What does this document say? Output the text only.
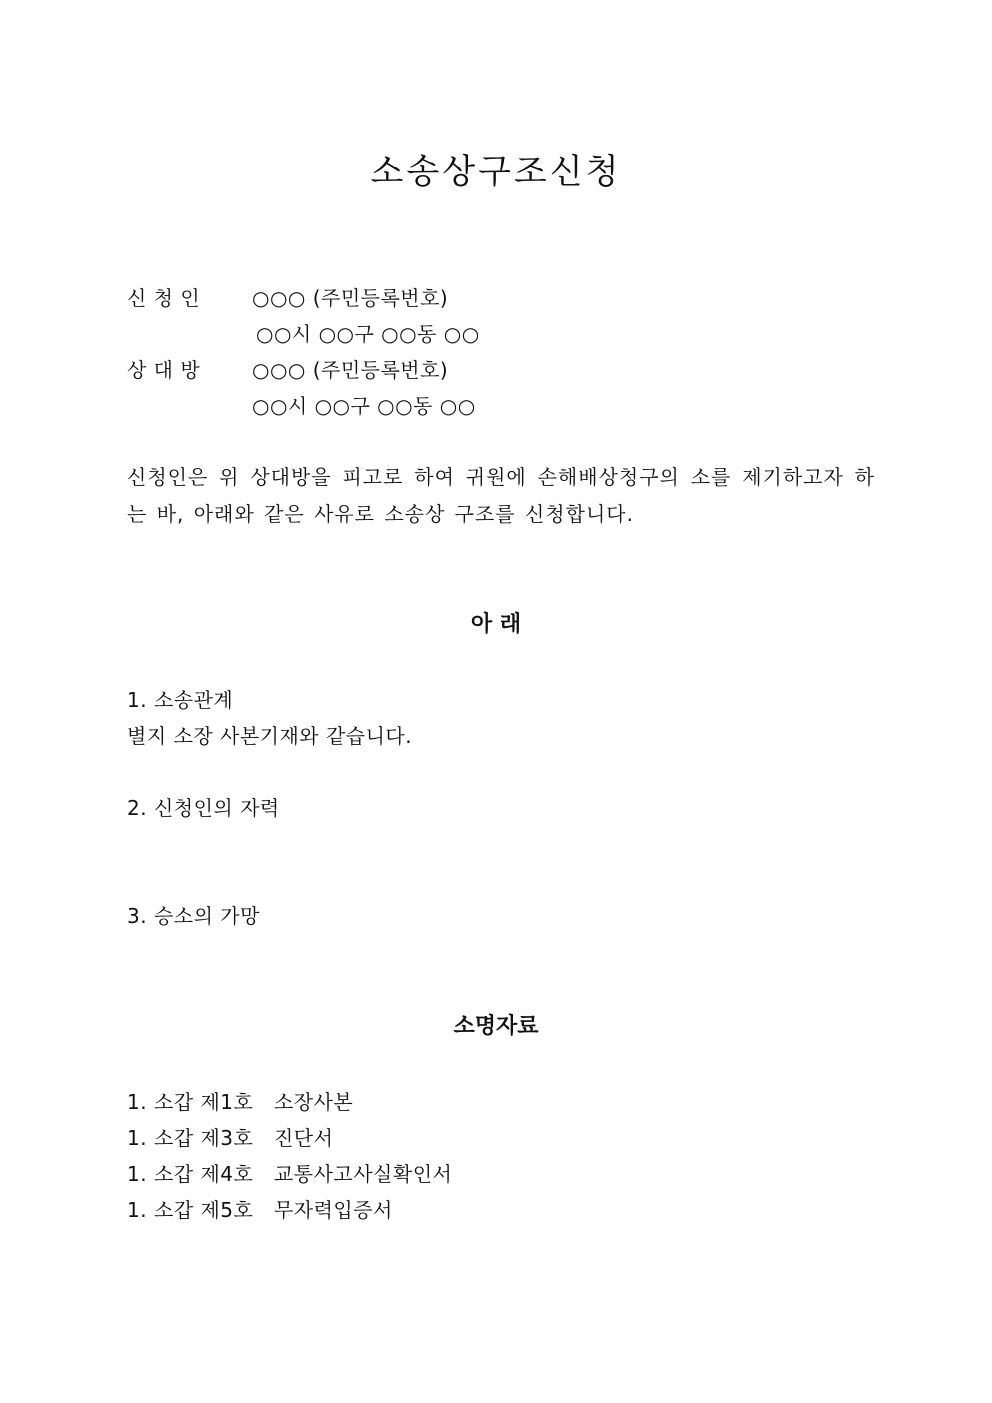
소송상구조신청
신 청 인	○○○ (주민등록번호)
○○시 ○○구 ○○동 ○○
상 대 방	○○○ (주민등록번호)
○○시 ○○구 ○○동 ○○
신청인은 위 상대방을 피고로 하여 귀원에 손해배상청구의 소를 제기하고자 하는 바, 아래와 같은 사유로 소송상 구조를 신청합니다.
아 래
1. 소송관계
별지 소장 사본기재와 같습니다.
2. 신청인의 자력
3. 승소의 가망
소명자료
1. 소갑 제1호 소장사본
1. 소갑 제3호 진단서
1. 소갑 제4호 교통사고사실확인서
1. 소갑 제5호 무자력입증서
